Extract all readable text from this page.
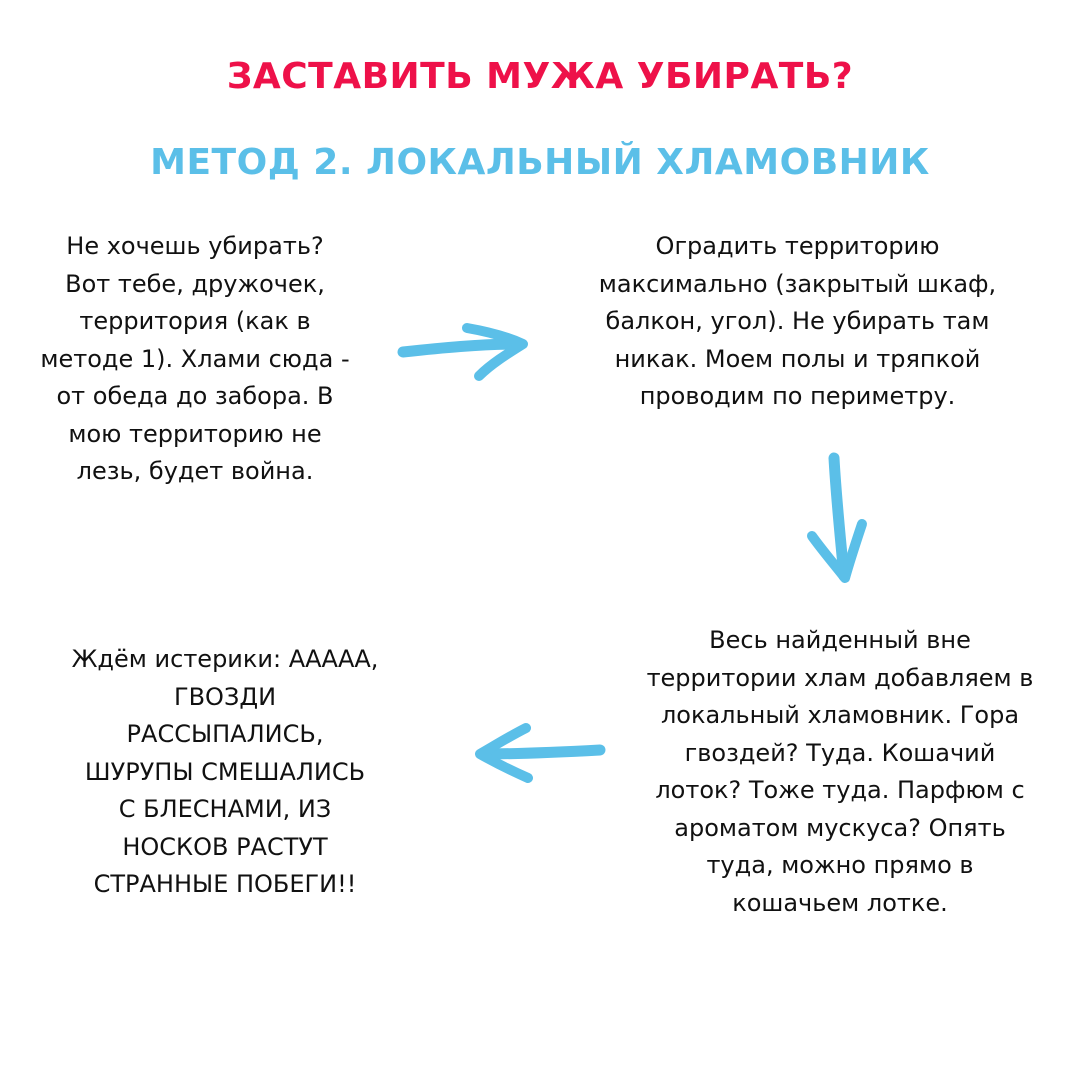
ЗАСТАВИТЬ МУЖА УБИРАТЬ?
МЕТОД 2. ЛОКАЛЬНЫЙ ХЛАМОВНИК
Не хочешь убирать?
Вот тебе, дружочек,
территория (как в
методе 1). Хлами сюда -
от обеда до забора. В
мою территорию не
лезь, будет война.
Оградить территорию
максимально (закрытый шкаф,
балкон, угол). Не убирать там
никак. Моем полы и тряпкой
проводим по периметру.
Весь найденный вне
территории хлам добавляем в
локальный хламовник. Гора
гвоздей? Туда. Кошачий
лоток? Тоже туда. Парфюм с
ароматом мускуса? Опять
туда, можно прямо в
кошачьем лотке.
Ждём истерики: ААААА,
ГВОЗДИ
РАССЫПАЛИСЬ,
ШУРУПЫ СМЕШАЛИСЬ
С БЛЕСНАМИ, ИЗ
НОСКОВ РАСТУТ
СТРАННЫЕ ПОБЕГИ!!
